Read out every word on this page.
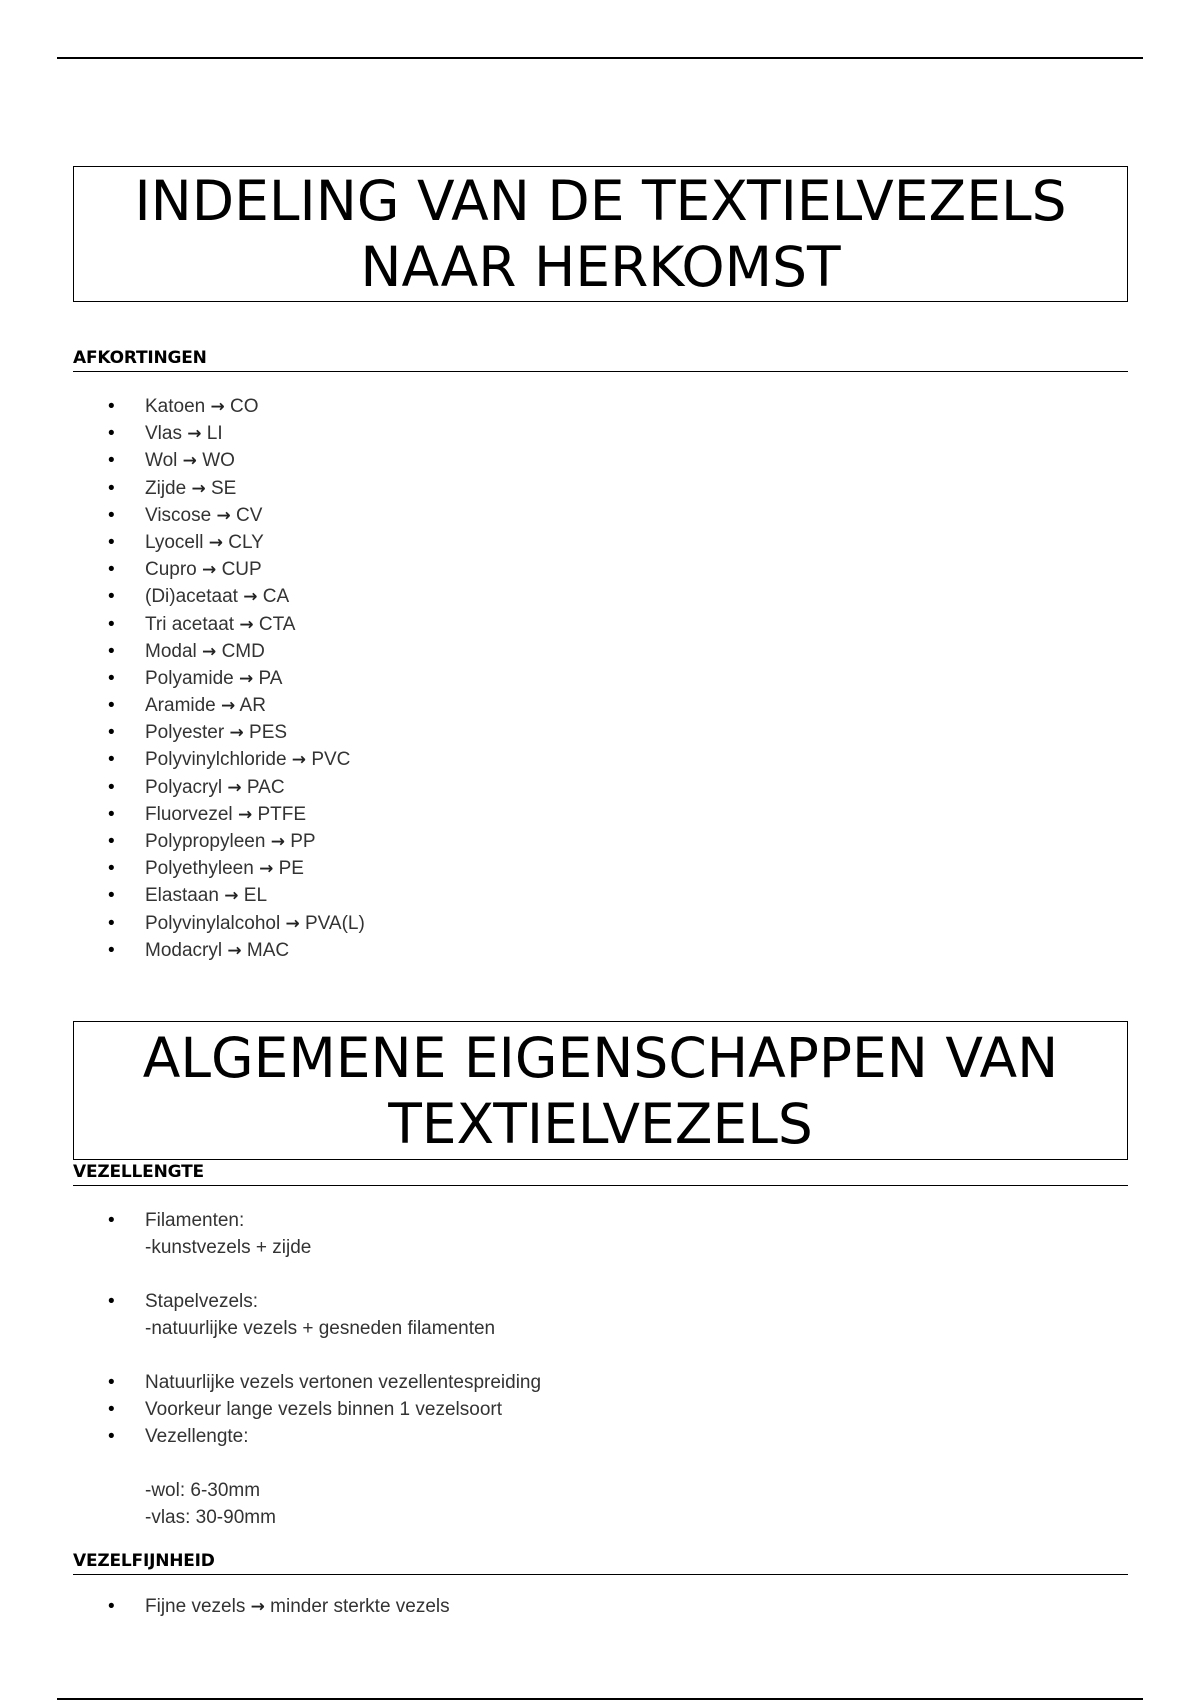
INDELING VAN DE TEXTIELVEZELS
NAAR HERKOMST
AFKORTINGEN
• Katoen → CO
• Vlas → LI
• Wol → WO
• Zijde → SE
• Viscose → CV
• Lyocell → CLY
• Cupro → CUP
• (Di)acetaat → CA
• Tri acetaat → CTA
• Modal → CMD
• Polyamide → PA
• Aramide → AR
• Polyester → PES
• Polyvinylchloride → PVC
• Polyacryl → PAC
• Fluorvezel → PTFE
• Polypropyleen → PP
• Polyethyleen → PE
• Elastaan → EL
• Polyvinylalcohol → PVA(L)
• Modacryl → MAC
ALGEMENE EIGENSCHAPPEN VAN
TEXTIELVEZELS
VEZELLENGTE
• Filamenten:
-kunstvezels + zijde
• Stapelvezels:
-natuurlijke vezels + gesneden filamenten
• Natuurlijke vezels vertonen vezellentespreiding
• Voorkeur lange vezels binnen 1 vezelsoort
• Vezellengte:
-wol: 6-30mm
-vlas: 30-90mm
VEZELFIJNHEID
• Fijne vezels → minder sterkte vezels
